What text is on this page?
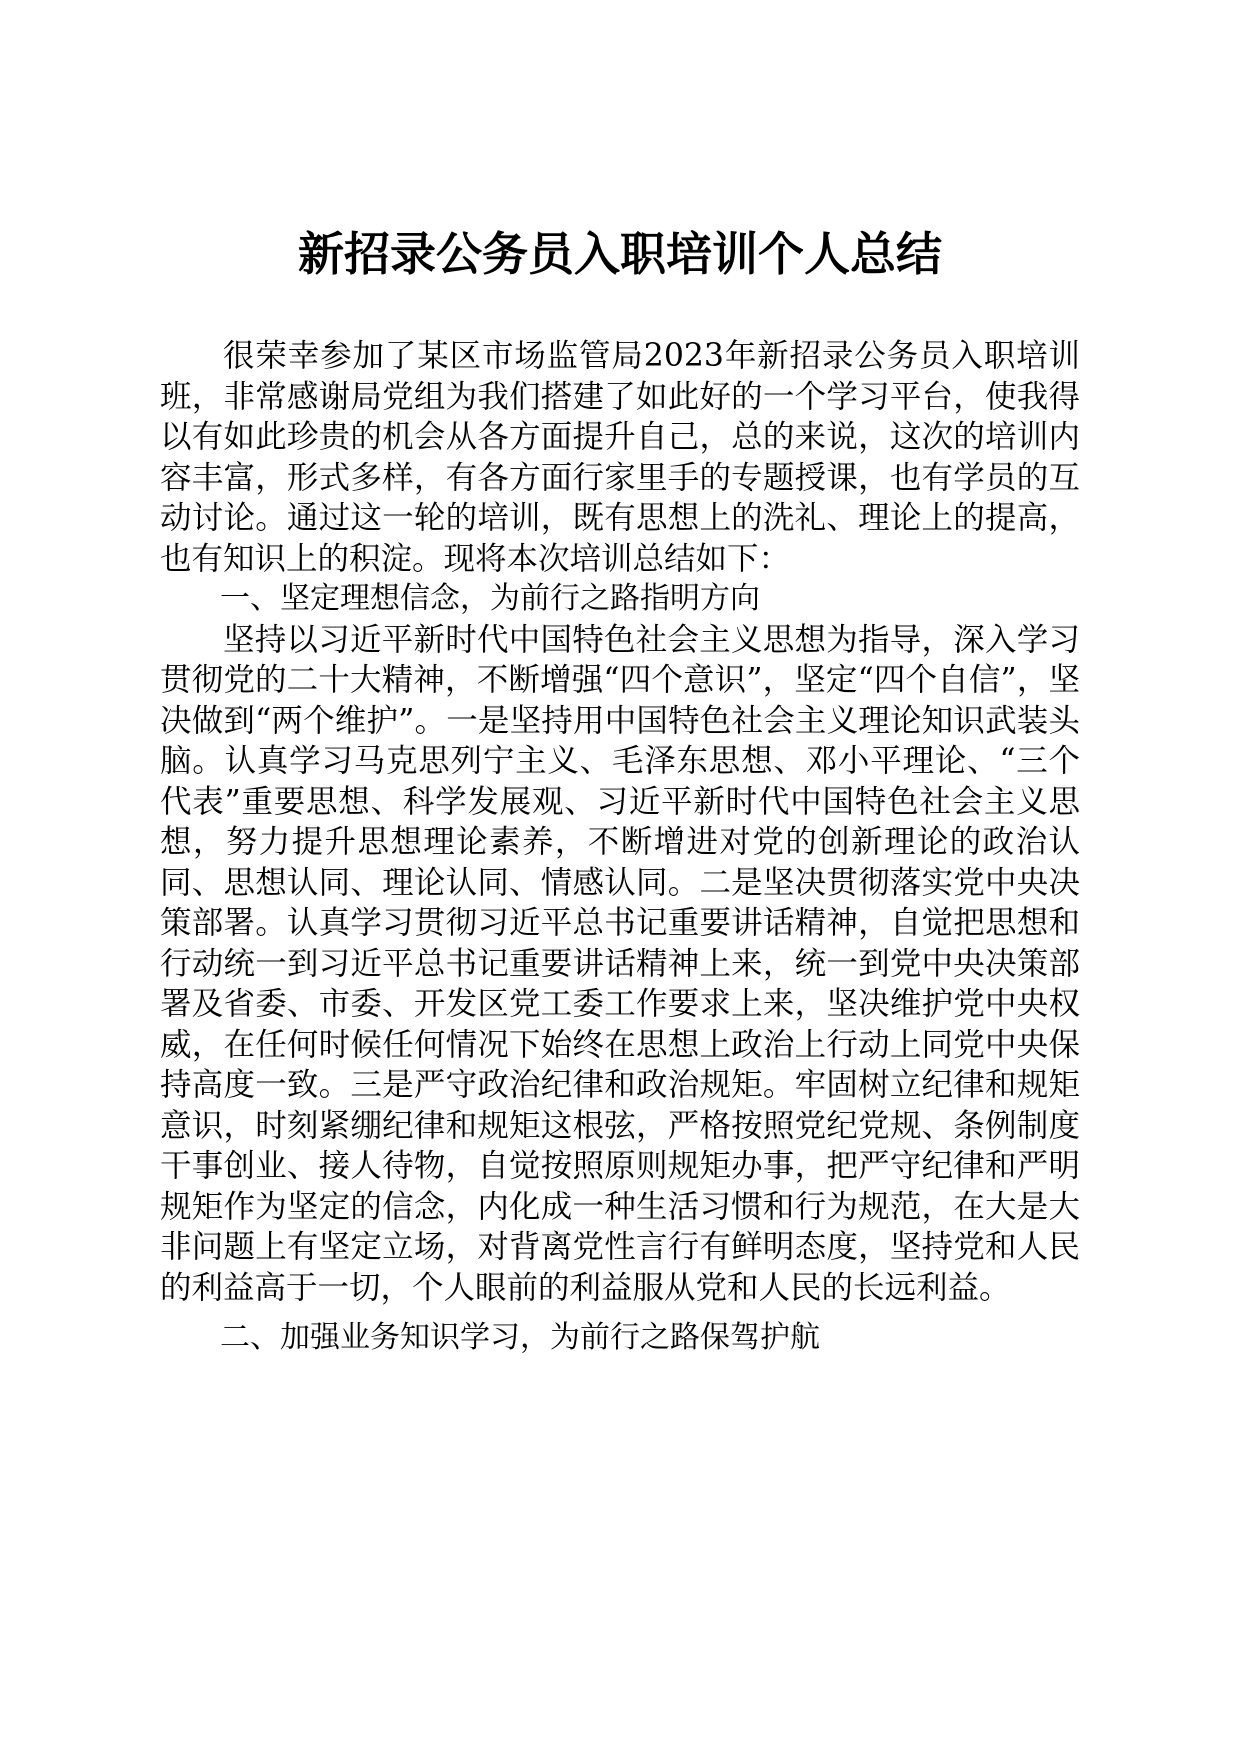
新招录公务员入职培训个人总结

很荣幸参加了某区市场监管局2023年新招录公务员入职培训班，非常感谢局党组为我们搭建了如此好的一个学习平台，使我得以有如此珍贵的机会从各方面提升自己，总的来说，这次的培训内容丰富，形式多样，有各方面行家里手的专题授课，也有学员的互动讨论。通过这一轮的培训，既有思想上的洗礼、理论上的提高，也有知识上的积淀。现将本次培训总结如下：

一、坚定理想信念，为前行之路指明方向

坚持以习近平新时代中国特色社会主义思想为指导，深入学习贯彻党的二十大精神，不断增强“四个意识”，坚定“四个自信”，坚决做到“两个维护”。一是坚持用中国特色社会主义理论知识武装头脑。认真学习马克思列宁主义、毛泽东思想、邓小平理论、“三个代表”重要思想、科学发展观、习近平新时代中国特色社会主义思想，努力提升思想理论素养，不断增进对党的创新理论的政治认同、思想认同、理论认同、情感认同。二是坚决贯彻落实党中央决策部署。认真学习贯彻习近平总书记重要讲话精神，自觉把思想和行动统一到习近平总书记重要讲话精神上来，统一到党中央决策部署及省委、市委、开发区党工委工作要求上来，坚决维护党中央权威，在任何时候任何情况下始终在思想上政治上行动上同党中央保持高度一致。三是严守政治纪律和政治规矩。牢固树立纪律和规矩意识，时刻紧绷纪律和规矩这根弦，严格按照党纪党规、条例制度干事创业、接人待物，自觉按照原则规矩办事，把严守纪律和严明规矩作为坚定的信念，内化成一种生活习惯和行为规范，在大是大非问题上有坚定立场，对背离党性言行有鲜明态度，坚持党和人民的利益高于一切，个人眼前的利益服从党和人民的长远利益。

二、加强业务知识学习，为前行之路保驾护航
